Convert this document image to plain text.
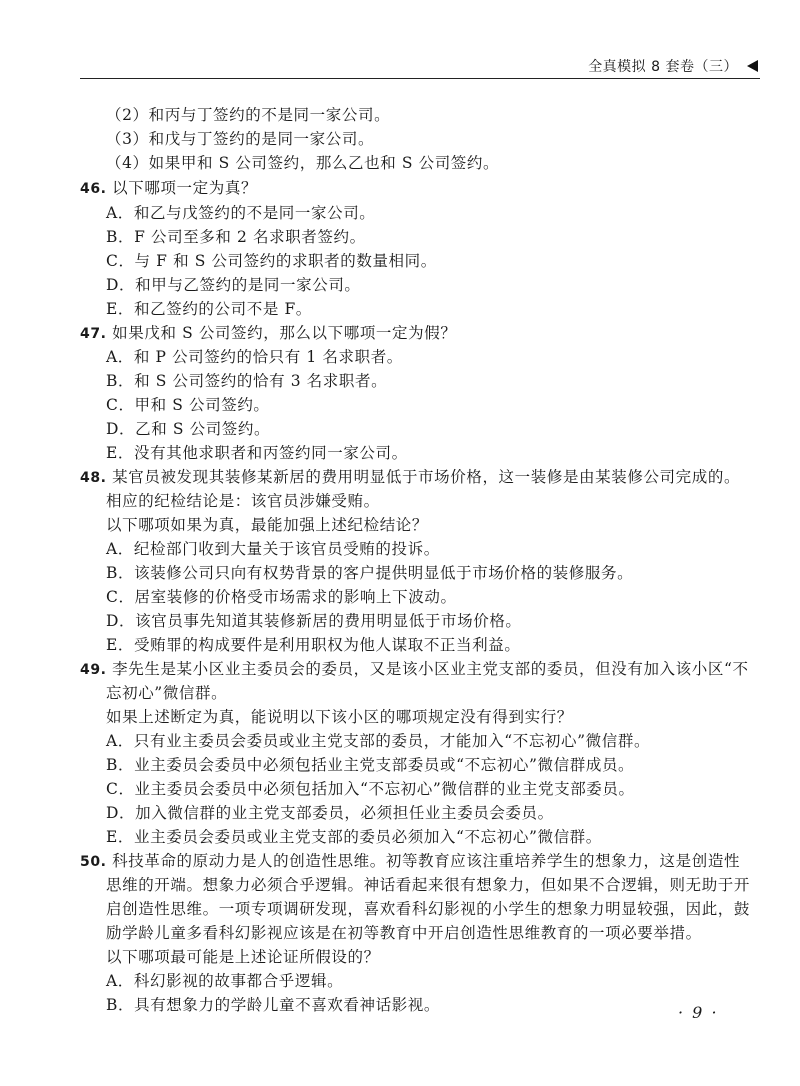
全真模拟 8 套卷（三）
（2）和丙与丁签约的不是同一家公司。
（3）和戊与丁签约的是同一家公司。
（4）如果甲和 S 公司签约，那么乙也和 S 公司签约。
46. 以下哪项一定为真？
A．和乙与戊签约的不是同一家公司。
B．F 公司至多和 2 名求职者签约。
C．与 F 和 S 公司签约的求职者的数量相同。
D．和甲与乙签约的是同一家公司。
E．和乙签约的公司不是 F。
47. 如果戊和 S 公司签约，那么以下哪项一定为假？
A．和 P 公司签约的恰只有 1 名求职者。
B．和 S 公司签约的恰有 3 名求职者。
C．甲和 S 公司签约。
D．乙和 S 公司签约。
E．没有其他求职者和丙签约同一家公司。
48. 某官员被发现其装修某新居的费用明显低于市场价格，这一装修是由某装修公司完成的。
相应的纪检结论是：该官员涉嫌受贿。
以下哪项如果为真，最能加强上述纪检结论？
A．纪检部门收到大量关于该官员受贿的投诉。
B．该装修公司只向有权势背景的客户提供明显低于市场价格的装修服务。
C．居室装修的价格受市场需求的影响上下波动。
D．该官员事先知道其装修新居的费用明显低于市场价格。
E．受贿罪的构成要件是利用职权为他人谋取不正当利益。
49. 李先生是某小区业主委员会的委员，又是该小区业主党支部的委员，但没有加入该小区“不
忘初心”微信群。
如果上述断定为真，能说明以下该小区的哪项规定没有得到实行？
A．只有业主委员会委员或业主党支部的委员，才能加入“不忘初心”微信群。
B．业主委员会委员中必须包括业主党支部委员或“不忘初心”微信群成员。
C．业主委员会委员中必须包括加入“不忘初心”微信群的业主党支部委员。
D．加入微信群的业主党支部委员，必须担任业主委员会委员。
E．业主委员会委员或业主党支部的委员必须加入“不忘初心”微信群。
50. 科技革命的原动力是人的创造性思维。初等教育应该注重培养学生的想象力，这是创造性
思维的开端。想象力必须合乎逻辑。神话看起来很有想象力，但如果不合逻辑，则无助于开
启创造性思维。一项专项调研发现，喜欢看科幻影视的小学生的想象力明显较强，因此，鼓
励学龄儿童多看科幻影视应该是在初等教育中开启创造性思维教育的一项必要举措。
以下哪项最可能是上述论证所假设的？
A．科幻影视的故事都合乎逻辑。
B．具有想象力的学龄儿童不喜欢看神话影视。	· 9 ·
